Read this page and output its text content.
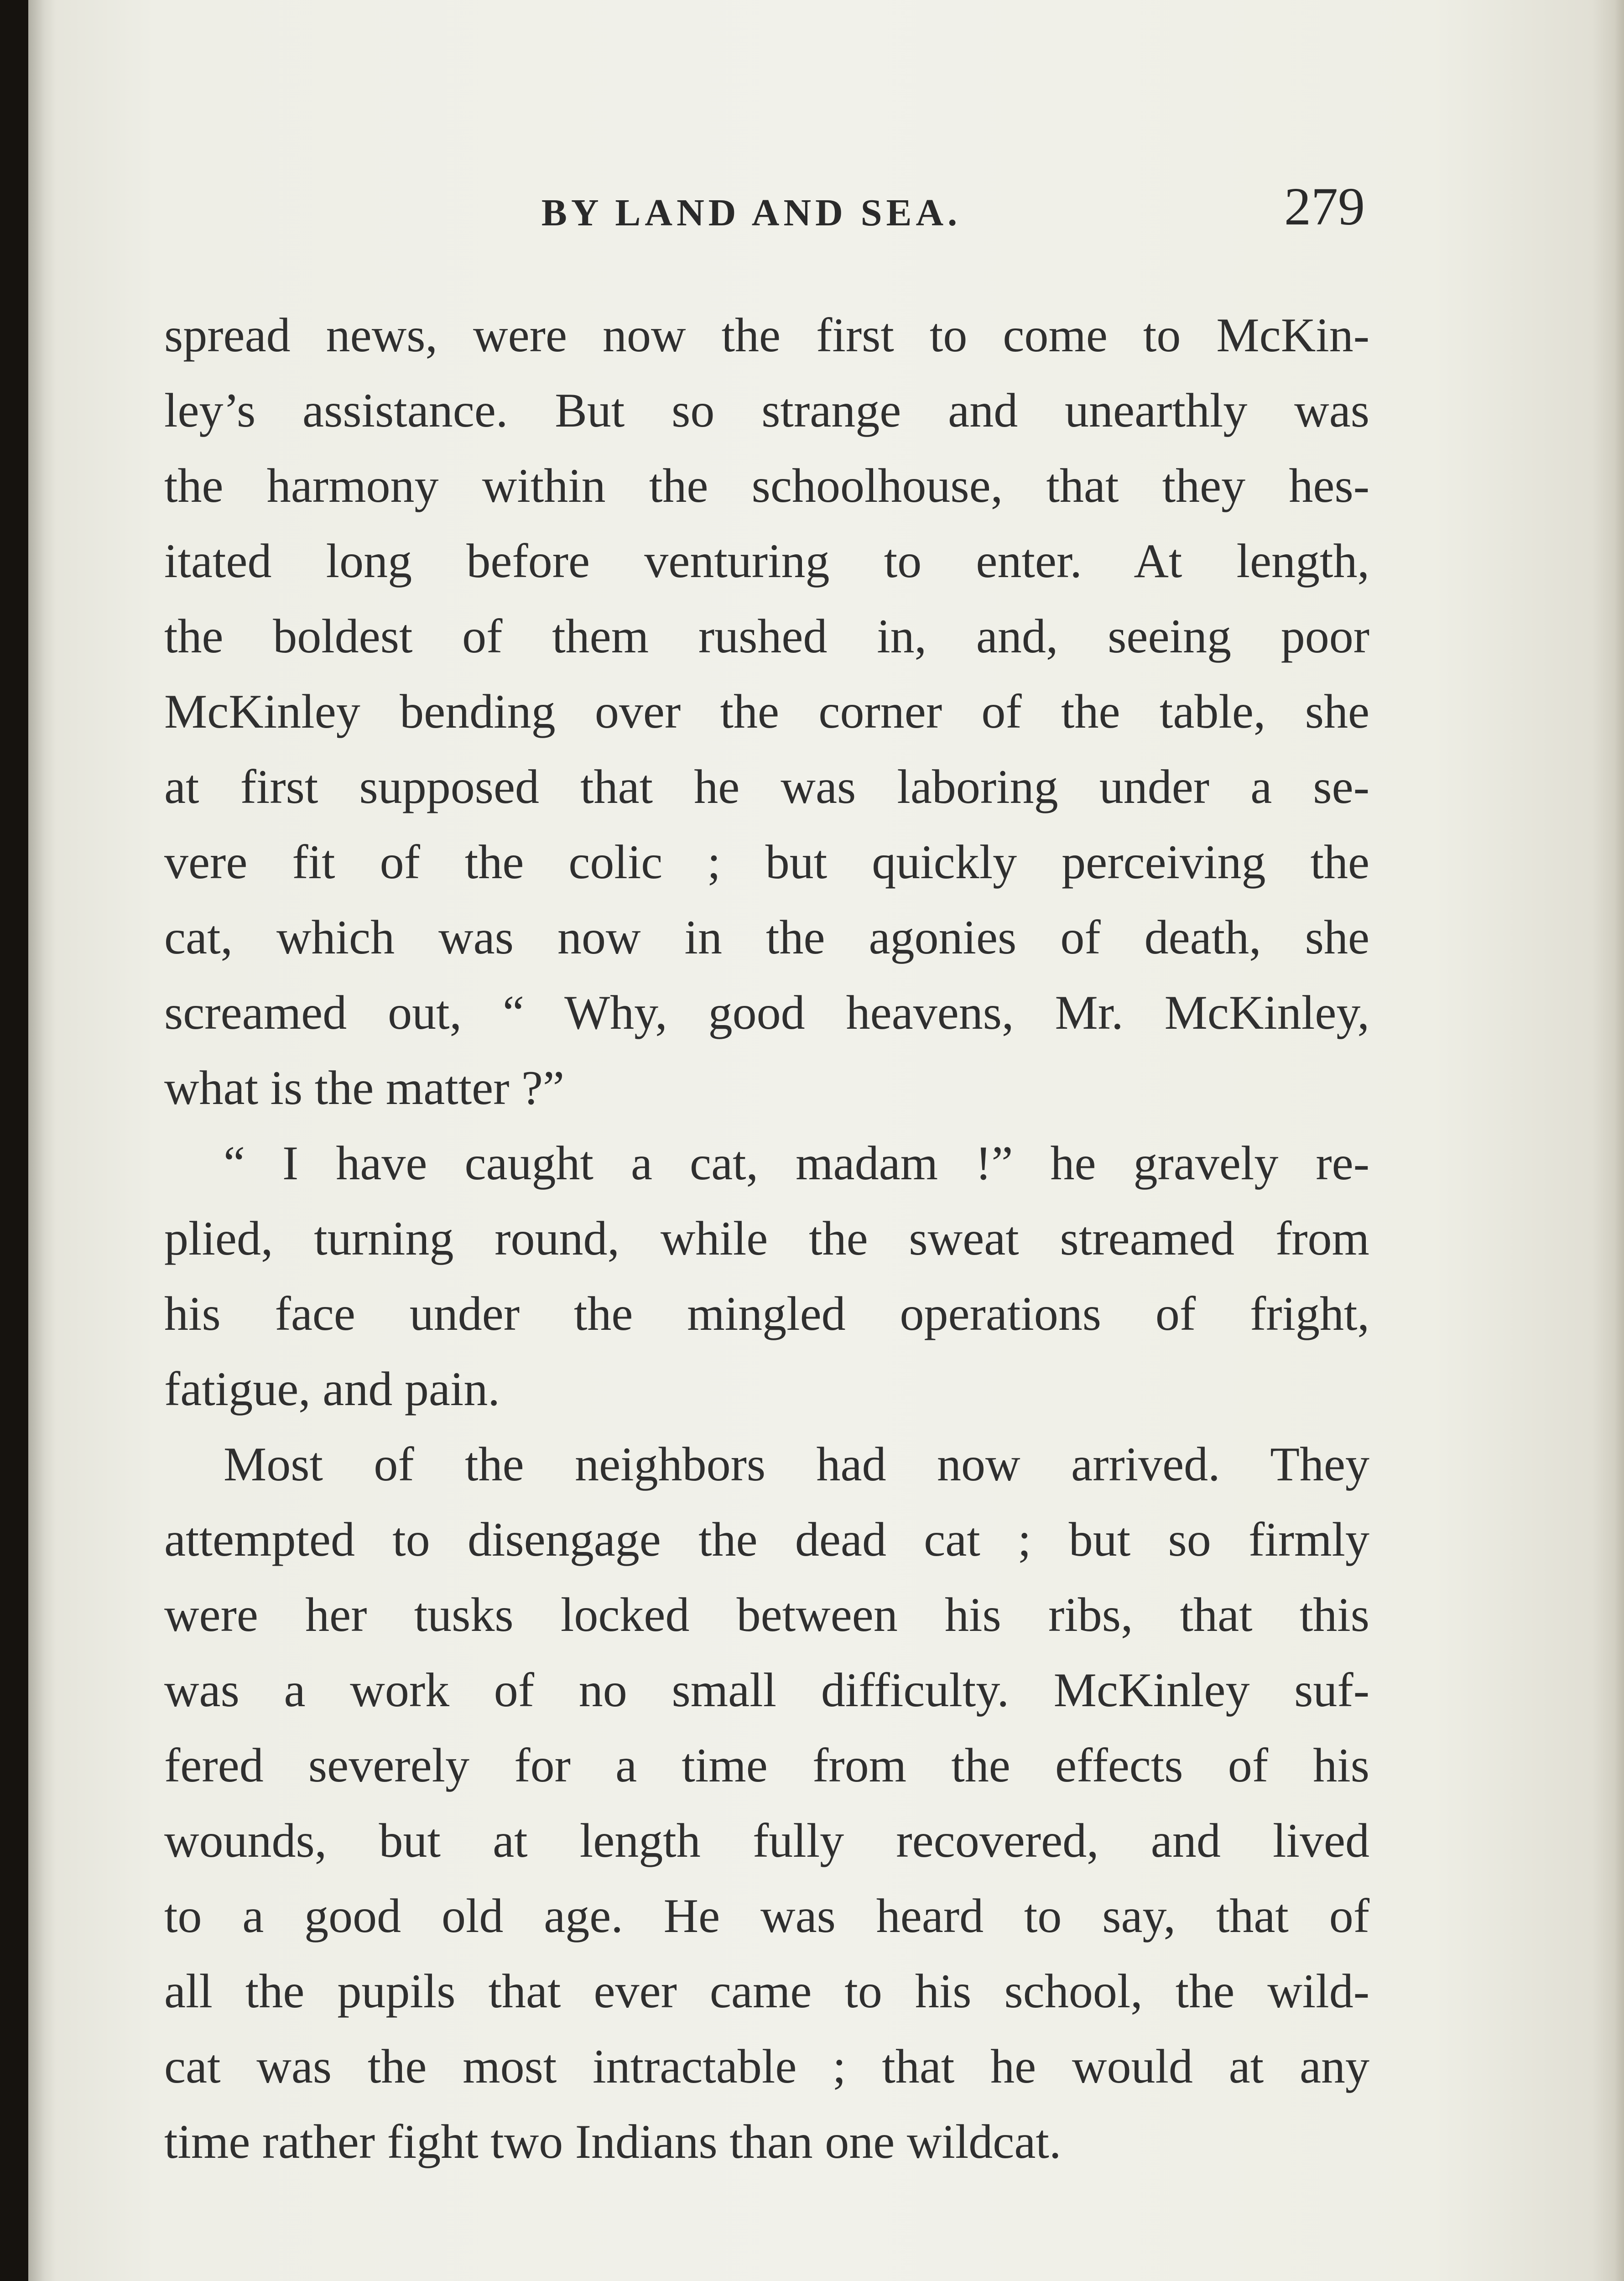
BY LAND AND SEA.	279
spread news, were now the first to come to McKin-
ley’s assistance. But so strange and unearthly was
the harmony within the schoolhouse, that they hes-
itated long before venturing to enter. At length,
the boldest of them rushed in, and, seeing poor
McKinley bending over the corner of the table, she
at first supposed that he was laboring under a se-
vere fit of the colic ; but quickly perceiving the
cat, which was now in the agonies of death, she
screamed out, “ Why, good heavens, Mr. McKinley,
what is the matter ?”
“ I have caught a cat, madam !” he gravely re-
plied, turning round, while the sweat streamed from
his face under the mingled operations of fright,
fatigue, and pain.
Most of the neighbors had now arrived. They
attempted to disengage the dead cat ; but so firmly
were her tusks locked between his ribs, that this
was a work of no small difficulty. McKinley suf-
fered severely for a time from the effects of his
wounds, but at length fully recovered, and lived
to a good old age. He was heard to say, that of
all the pupils that ever came to his school, the wild-
cat was the most intractable ; that he would at any
time rather fight two Indians than one wildcat.
